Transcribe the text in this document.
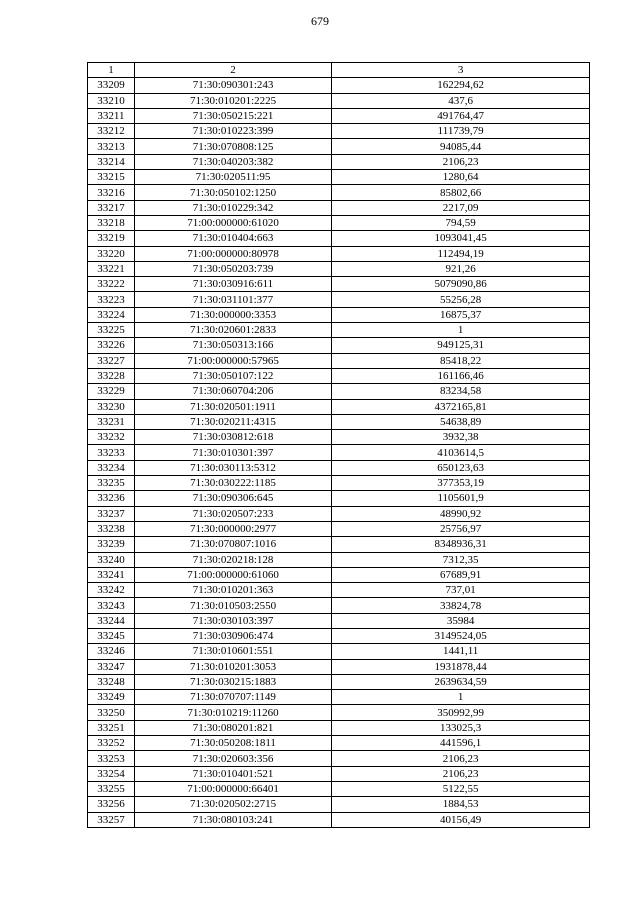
679
1	2	3
33209	71:30:090301:243	162294,62
33210	71:30:010201:2225	437,6
33211	71:30:050215:221	491764,47
33212	71:30:010223:399	111739,79
33213	71:30:070808:125	94085,44
33214	71:30:040203:382	2106,23
33215	71:30:020511:95	1280,64
33216	71:30:050102:1250	85802,66
33217	71:30:010229:342	2217,09
33218	71:00:000000:61020	794,59
33219	71:30:010404:663	1093041,45
33220	71:00:000000:80978	112494,19
33221	71:30:050203:739	921,26
33222	71:30:030916:611	5079090,86
33223	71:30:031101:377	55256,28
33224	71:30:000000:3353	16875,37
33225	71:30:020601:2833	1
33226	71:30:050313:166	949125,31
33227	71:00:000000:57965	85418,22
33228	71:30:050107:122	161166,46
33229	71:30:060704:206	83234,58
33230	71:30:020501:1911	4372165,81
33231	71:30:020211:4315	54638,89
33232	71:30:030812:618	3932,38
33233	71:30:010301:397	4103614,5
33234	71:30:030113:5312	650123,63
33235	71:30:030222:1185	377353,19
33236	71:30:090306:645	1105601,9
33237	71:30:020507:233	48990,92
33238	71:30:000000:2977	25756,97
33239	71:30:070807:1016	8348936,31
33240	71:30:020218:128	7312,35
33241	71:00:000000:61060	67689,91
33242	71:30:010201:363	737,01
33243	71:30:010503:2550	33824,78
33244	71:30:030103:397	35984
33245	71:30:030906:474	3149524,05
33246	71:30:010601:551	1441,11
33247	71:30:010201:3053	1931878,44
33248	71:30:030215:1883	2639634,59
33249	71:30:070707:1149	1
33250	71:30:010219:11260	350992,99
33251	71:30:080201:821	133025,3
33252	71:30:050208:1811	441596,1
33253	71:30:020603:356	2106,23
33254	71:30:010401:521	2106,23
33255	71:00:000000:66401	5122,55
33256	71:30:020502:2715	1884,53
33257	71:30:080103:241	40156,49
